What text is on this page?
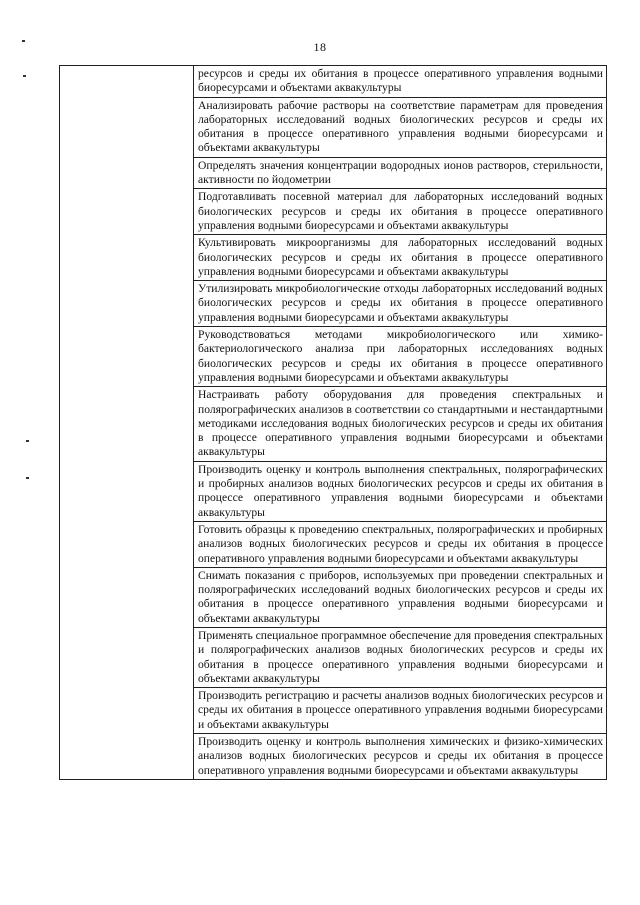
18
	ресурсов и среды их обитания в процессе оперативного управления водными биоресурсами и объектами аквакультуры
Анализировать рабочие растворы на соответствие параметрам для проведения лабораторных исследований водных биологических ресурсов и среды их обитания в процессе оперативного управления водными биоресурсами и объектами аквакультуры
Определять значения концентрации водородных ионов растворов, стерильности, активности по йодометрии
Подготавливать посевной материал для лабораторных исследований водных биологических ресурсов и среды их обитания в процессе оперативного управления водными биоресурсами и объектами аквакультуры
Культивировать микроорганизмы для лабораторных исследований водных биологических ресурсов и среды их обитания в процессе оперативного управления водными биоресурсами и объектами аквакультуры
Утилизировать микробиологические отходы лабораторных исследований водных биологических ресурсов и среды их обитания в процессе оперативного управления водными биоресурсами и объектами аквакультуры
Руководствоваться методами микробиологического или химико-бактериологического анализа при лабораторных исследованиях водных биологических ресурсов и среды их обитания в процессе оперативного управления водными биоресурсами и объектами аквакультуры
Настраивать работу оборудования для проведения спектральных и полярографических анализов в соответствии со стандартными и нестандартными методиками исследования водных биологических ресурсов и среды их обитания в процессе оперативного управления водными биоресурсами и объектами аквакультуры
Производить оценку и контроль выполнения спектральных, полярографических и пробирных анализов водных биологических ресурсов и среды их обитания в процессе оперативного управления водными биоресурсами и объектами аквакультуры
Готовить образцы к проведению спектральных, полярографических и пробирных анализов водных биологических ресурсов и среды их обитания в процессе оперативного управления водными биоресурсами и объектами аквакультуры
Снимать показания с приборов, используемых при проведении спектральных и полярографических исследований водных биологических ресурсов и среды их обитания в процессе оперативного управления водными биоресурсами и объектами аквакультуры
Применять специальное программное обеспечение для проведения спектральных и полярографических анализов водных биологических ресурсов и среды их обитания в процессе оперативного управления водными биоресурсами и объектами аквакультуры
Производить регистрацию и расчеты анализов водных биологических ресурсов и среды их обитания в процессе оперативного управления водными биоресурсами и объектами аквакультуры
Производить оценку и контроль выполнения химических и физико-химических анализов водных биологических ресурсов и среды их обитания в процессе оперативного управления водными биоресурсами и объектами аквакультуры
